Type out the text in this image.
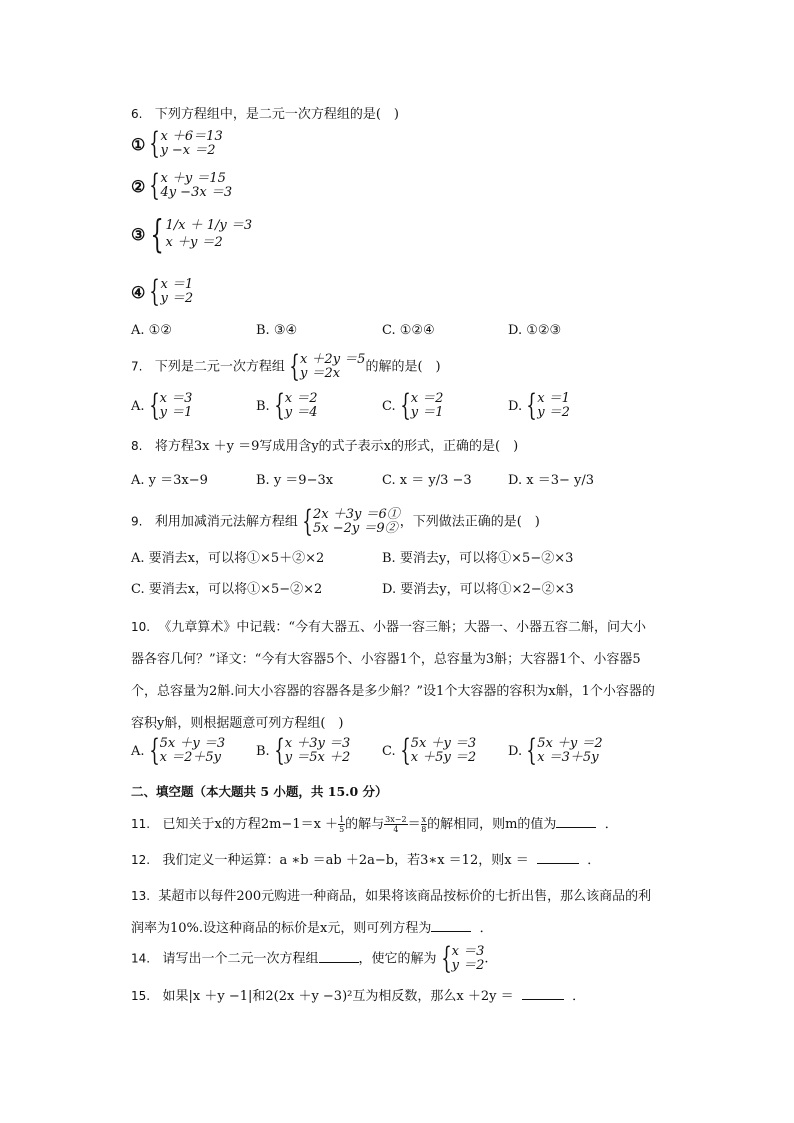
6. 下列方程组中，是二元一次方程组的是(　)
① { x ＋6＝13
y −x ＝2
② { x ＋y ＝15
4y −3x ＝3
③ { 1/x ＋ 1/y ＝3
x ＋y ＝2
④ { x ＝1
y ＝2
A. ①②	B. ③④	C. ①②④	D. ①②③
7. 下列是二元一次方程组 { x ＋2y ＝5
y ＝2x	的解的是(　)
A. { x ＝3
y ＝1	B. { x ＝2
y ＝4	C. { x ＝2
y ＝1	D. { x ＝1
y ＝2
8. 将方程3x ＋y ＝9写成用含y的式子表示x的形式，正确的是(　)
A. y ＝3x−9	B. y ＝9−3x	C. x ＝ y/3 −3	D. x ＝3− y/3
9. 利用加减消元法解方程组 { 2x ＋3y ＝6①
5x −2y ＝9② ，下列做法正确的是(　)
A. 要消去x，可以将①×5＋②×2	B. 要消去y，可以将①×5−②×3
C. 要消去x，可以将①×5−②×2	D. 要消去y，可以将①×2−②×3
10. 《九章算术》中记载：“今有大器五、小器一容三斛；大器一、小器五容二斛，问大小
器各容几何？”译文：“今有大容器5个、小容器1个，总容量为3斛；大容器1个、小容器5
个，总容量为2斛.问大小容器的容器各是多少斛？”设1个大容器的容积为x斛，1个小容器的
容积y斛，则根据题意可列方程组(　)
A. { 5x ＋y ＝3
x ＝2＋5y	B. { x ＋3y ＝3
y ＝5x ＋2 C. { 5x ＋y ＝3
x ＋5y ＝2 D. { 5x ＋y ＝2
x ＝3＋5y
二、填空题（本大题共 5 小题，共 15.0 分）
11. 已知关于x的方程$2m-1=x + \frac{1}{5}$ 的解与 $\frac{3x-2}{4} = \frac{x}{8}$ 的解相同，则m的值为	．
12. 我们定义一种运算：a ∗b ＝ab ＋2a−b，若3∗x ＝12，则x ＝	．
13. 某超市以每件200元购进一种商品，如果将该商品按标价的七折出售，那么该商品的利
润率为10%.设这种商品的标价是x元，则可列方程为	．
14. 请写出一个二元一次方程组	，使它的解为 { x ＝3
y ＝2 .
15. 如果|x ＋y −1|和2(2x ＋y −3)²互为相反数，那么x ＋2y ＝	．
